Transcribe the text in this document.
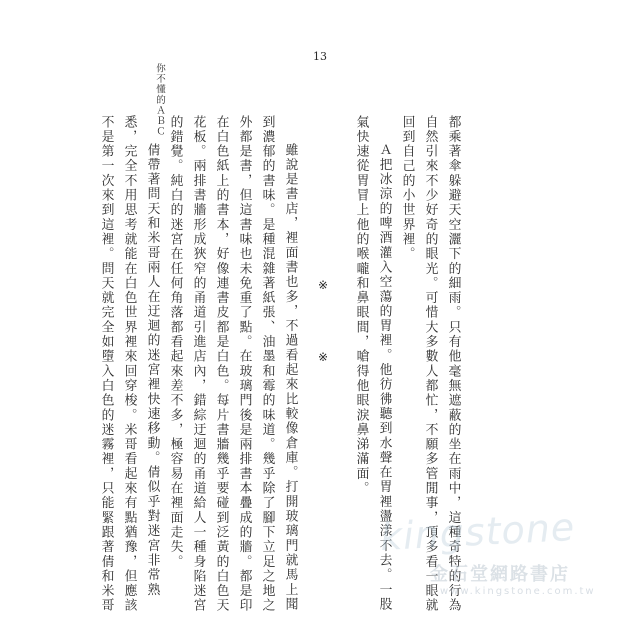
13
你不懂的ＡＢＣ
都乘著傘躲避天空灑下的細雨。只有他毫無遮蔽的坐在雨中，這種奇特的行為
自然引來不少好奇的眼光。可惜大多數人都忙，不願多管閒事，頂多看一眼就
回到自己的小世界裡。
Ａ把冰涼的啤酒灌入空蕩的胃裡。他彷彿聽到水聲在胃裡盪漾不去。一股
氣快速從胃冒上他的喉嚨和鼻眼間，嗆得他眼淚鼻涕滿面。
雖說是書店，裡面書也多，不過看起來比較像倉庫。打開玻璃門就馬上聞
到濃郁的書味。是種混雜著紙張、油墨和霉的味道。幾乎除了腳下立足之地之
外都是書，但這書味也未免重了點。在玻璃門後是兩排書本疊成的牆。都是印
在白色紙上的書本，好像連書皮都是白色。每片書牆幾乎要碰到泛黃的白色天
花板。兩排書牆形成狹窄的甬道引進店內，錯綜迂迴的甬道給人一種身陷迷宮
的錯覺。純白的迷宮在任何角落都看起來差不多，極容易在裡面走失。
倩帶著問天和米哥兩人在迂迴的迷宮裡快速移動。倩似乎對迷宮非常熟
悉，完全不用思考就能在白色世界裡來回穿梭。米哥看起來有點猶豫，但應該
不是第一次來到這裡。問天就完全如墮入白色的迷霧裡，只能緊跟著倩和米哥	※
※
kingstone
金石堂網路書店
www.kingstone.com.tw
